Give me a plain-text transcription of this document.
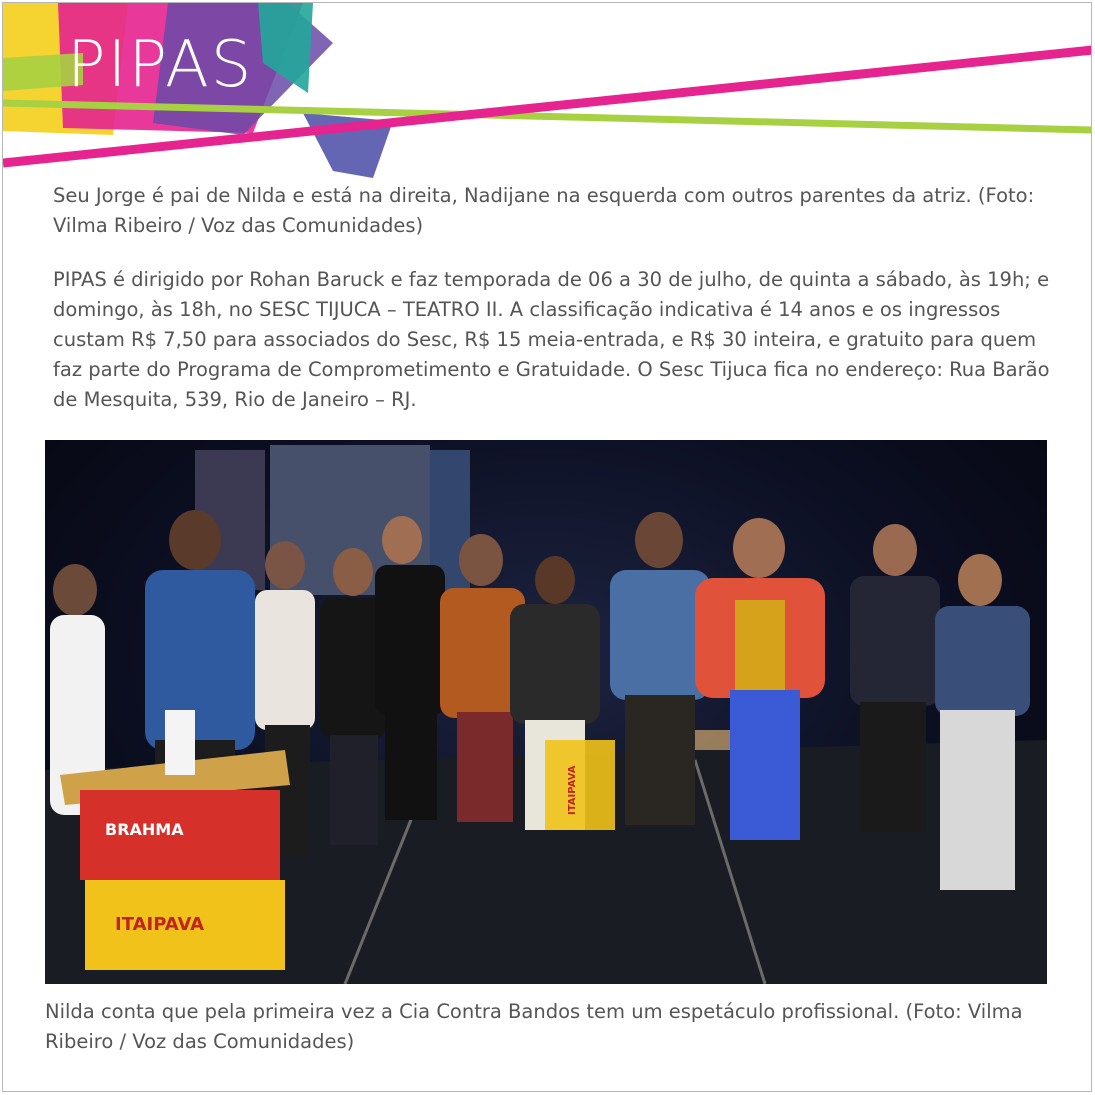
PIPAS

Seu Jorge é pai de Nilda e está na direita, Nadijane na esquerda com outros parentes da atriz. (Foto: Vilma Ribeiro / Voz das Comunidades)

PIPAS é dirigido por Rohan Baruck e faz temporada de 06 a 30 de julho, de quinta a sábado, às 19h; e domingo, às 18h, no SESC TIJUCA – TEATRO II. A classificação indicativa é 14 anos e os ingressos custam R$ 7,50 para associados do Sesc, R$ 15 meia-entrada, e R$ 30 inteira, e gratuito para quem faz parte do Programa de Comprometimento e Gratuidade. O Sesc Tijuca fica no endereço: Rua Barão de Mesquita, 539, Rio de Janeiro – RJ.

BRAHMA
ITAIPAVA
ITAIPAVA

Nilda conta que pela primeira vez a Cia Contra Bandos tem um espetáculo profissional. (Foto: Vilma Ribeiro / Voz das Comunidades)
